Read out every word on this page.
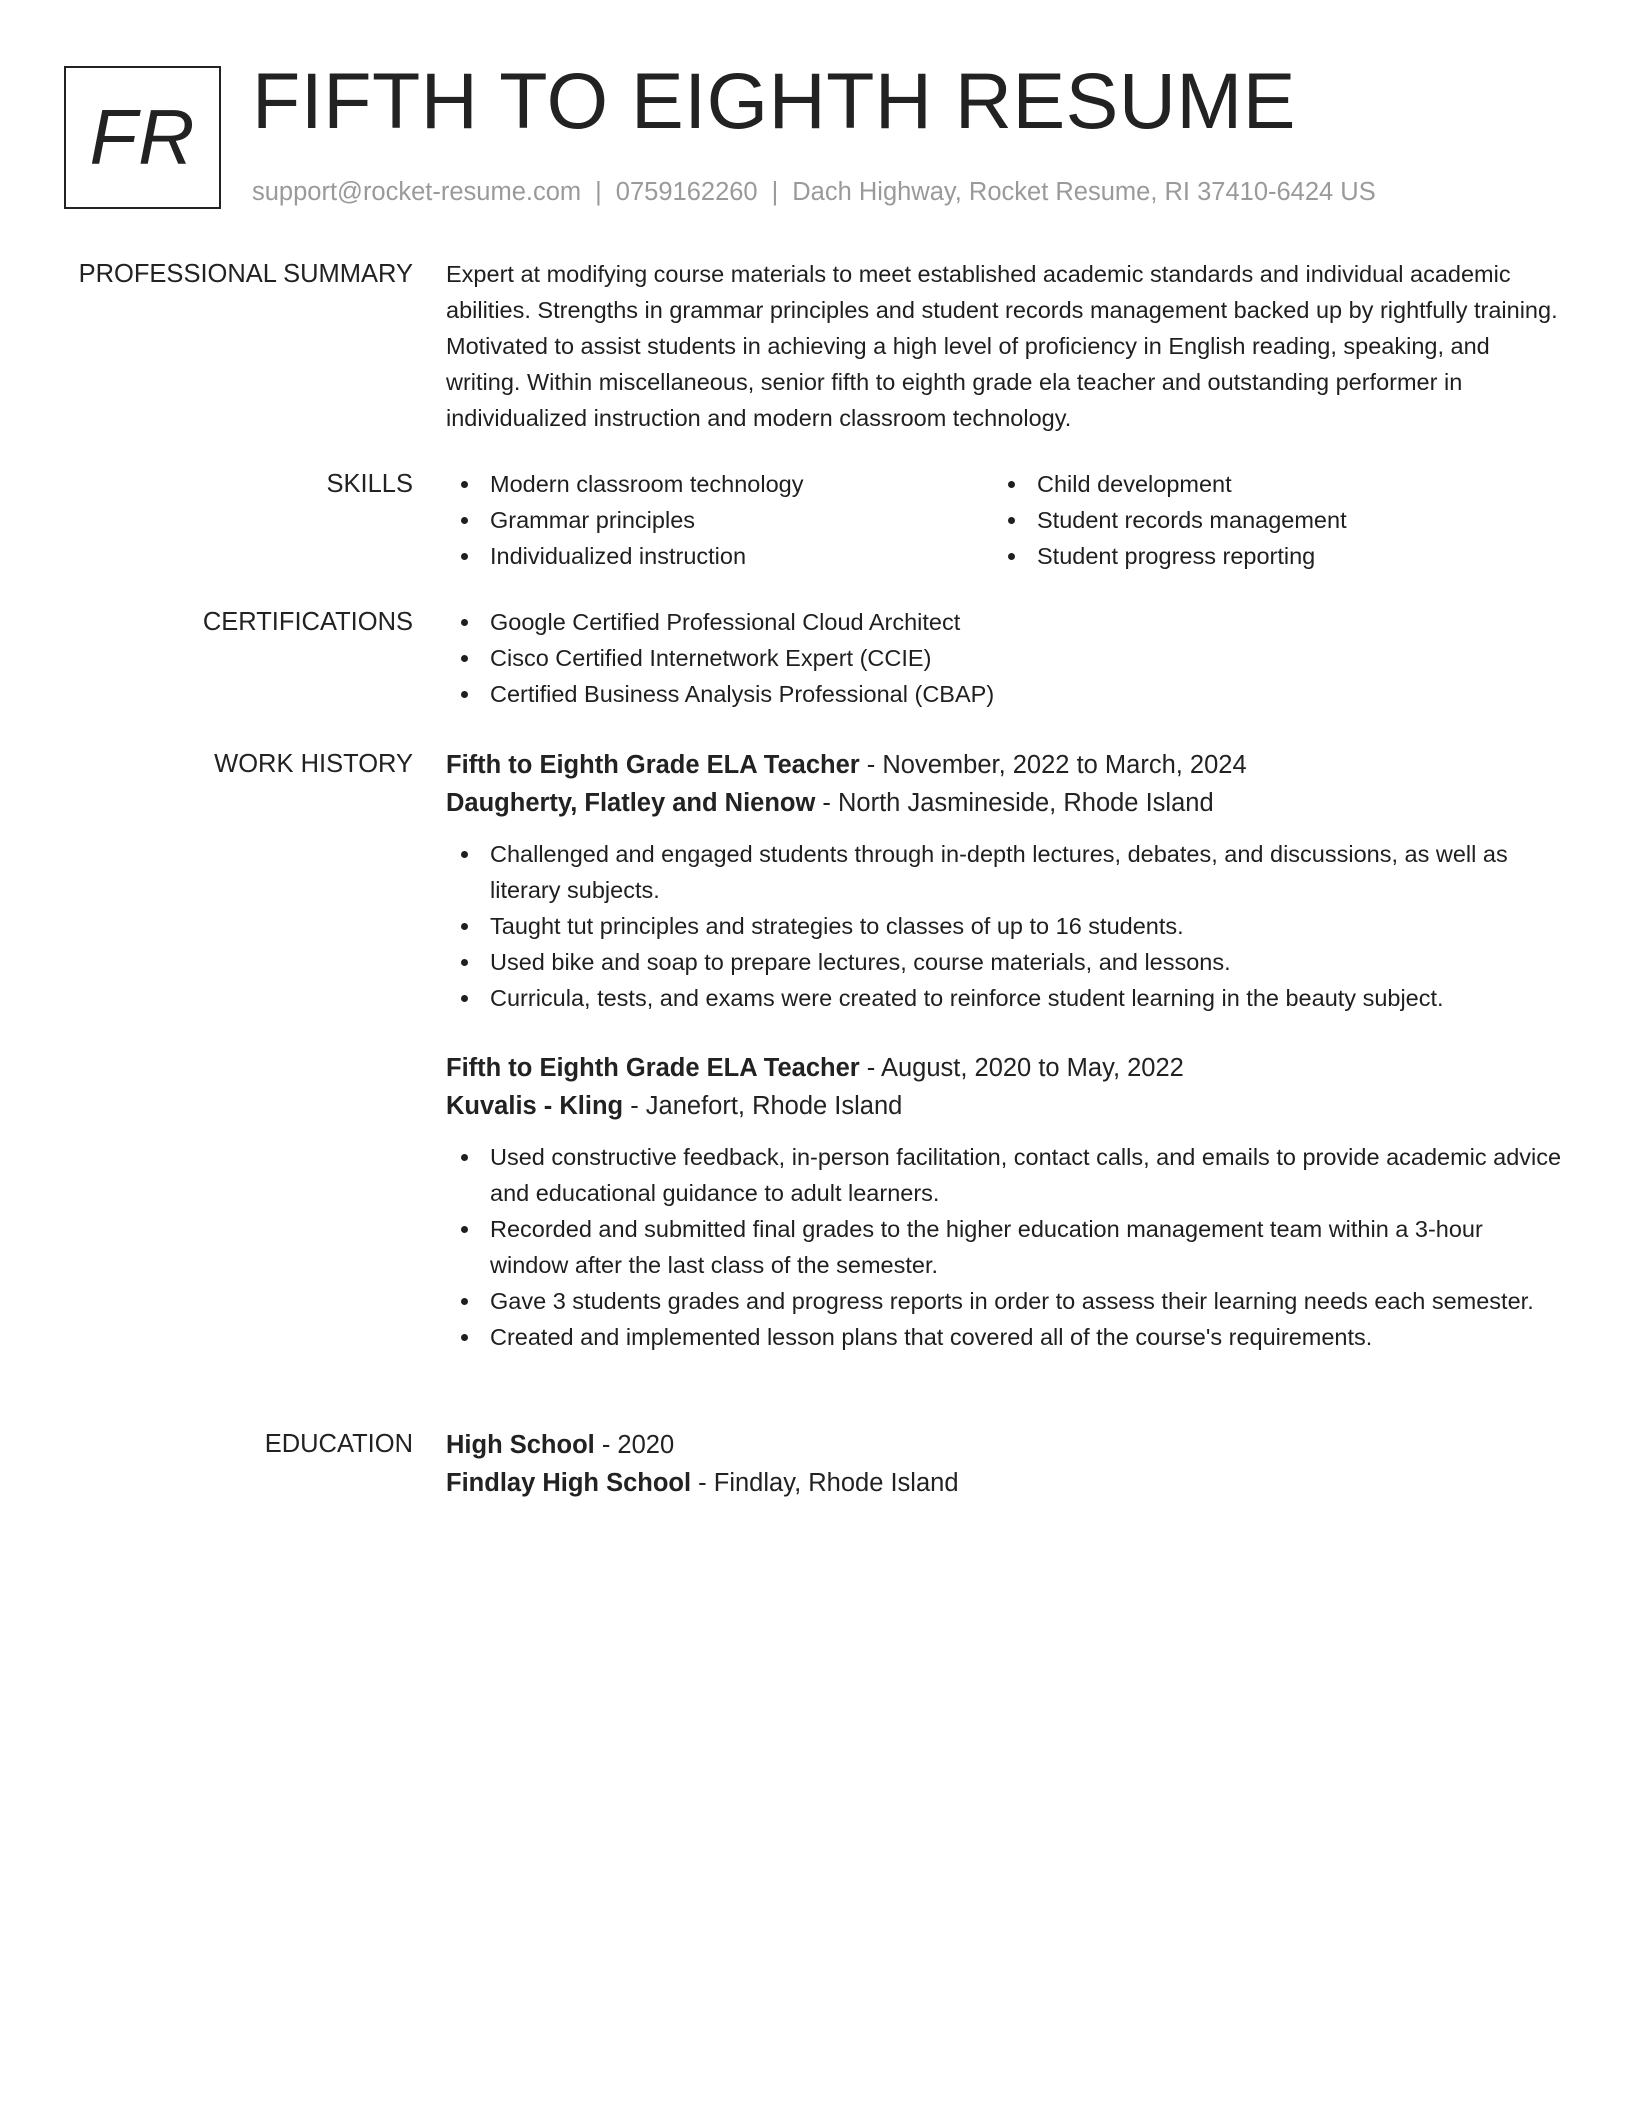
FR FIFTH TO EIGHTH RESUME
support@rocket-resume.com | 0759162260 | Dach Highway, Rocket Resume, RI 37410-6424 US
PROFESSIONAL SUMMARY Expert at modifying course materials to meet established academic standards and individual academic abilities. Strengths in grammar principles and student records management backed up by rightfully training. Motivated to assist students in achieving a high level of proficiency in English reading, speaking, and writing. Within miscellaneous, senior fifth to eighth grade ela teacher and outstanding performer in individualized instruction and modern classroom technology.

SKILLS	Modern classroom technology
Grammar principles
Individualized instruction
Child development
Student records management
Student progress reporting
CERTIFICATIONS	Google Certified Professional Cloud Architect
Cisco Certified Internetwork Expert (CCIE)
Certified Business Analysis Professional (CBAP)
WORK HISTORY Fifth to Eighth Grade ELA Teacher - November, 2022 to March, 2024
Daugherty, Flatley and Nienow - North Jasmineside, Rhode Island
Challenged and engaged students through in-depth lectures, debates, and discussions, as well as literary subjects.
Taught tut principles and strategies to classes of up to 16 students.
Used bike and soap to prepare lectures, course materials, and lessons.
Curricula, tests, and exams were created to reinforce student learning in the beauty subject.
Fifth to Eighth Grade ELA Teacher - August, 2020 to May, 2022
Kuvalis - Kling - Janefort, Rhode Island
Used constructive feedback, in-person facilitation, contact calls, and emails to provide academic advice and educational guidance to adult learners.
Recorded and submitted final grades to the higher education management team within a 3-hour window after the last class of the semester.
Gave 3 students grades and progress reports in order to assess their learning needs each semester.
Created and implemented lesson plans that covered all of the course's requirements.
EDUCATION High School - 2020
Findlay High School - Findlay, Rhode Island
